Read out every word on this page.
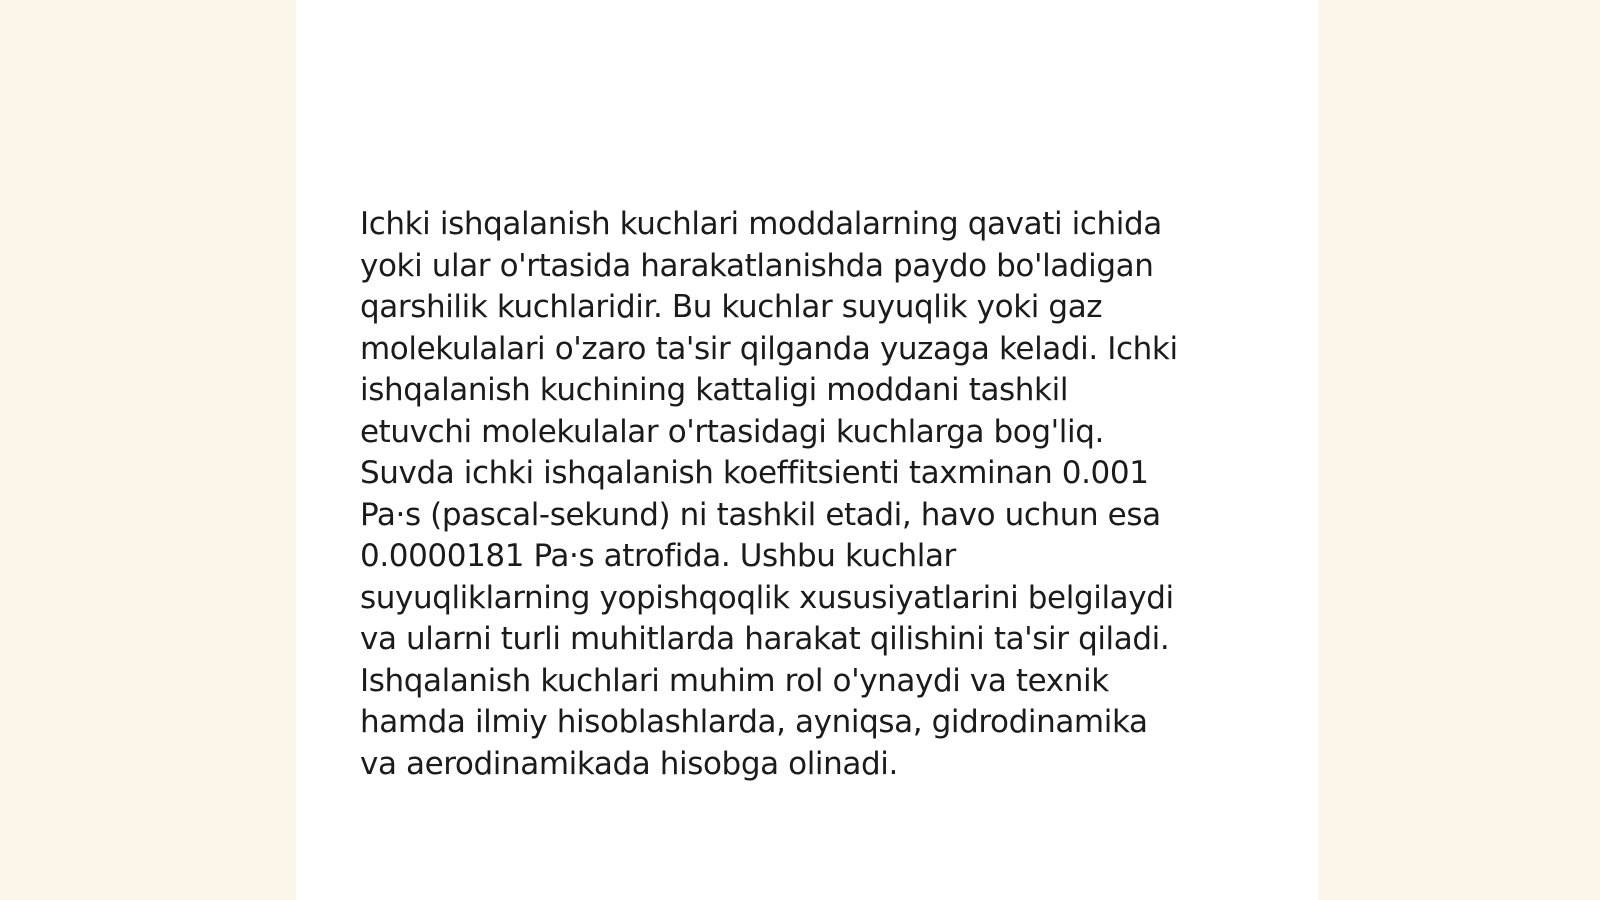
Ichki ishqalanish kuchlari moddalarning qavati ichida
yoki ular o'rtasida harakatlanishda paydo bo'ladigan
qarshilik kuchlaridir. Bu kuchlar suyuqlik yoki gaz
molekulalari o'zaro ta'sir qilganda yuzaga keladi. Ichki
ishqalanish kuchining kattaligi moddani tashkil
etuvchi molekulalar o'rtasidagi kuchlarga bog'liq.
Suvda ichki ishqalanish koeffitsienti taxminan 0.001
Pa·s (pascal-sekund) ni tashkil etadi, havo uchun esa
0.0000181 Pa·s atrofida. Ushbu kuchlar
suyuqliklarning yopishqoqlik xususiyatlarini belgilaydi
va ularni turli muhitlarda harakat qilishini ta'sir qiladi.
Ishqalanish kuchlari muhim rol o'ynaydi va texnik
hamda ilmiy hisoblashlarda, ayniqsa, gidrodinamika
va aerodinamikada hisobga olinadi.
